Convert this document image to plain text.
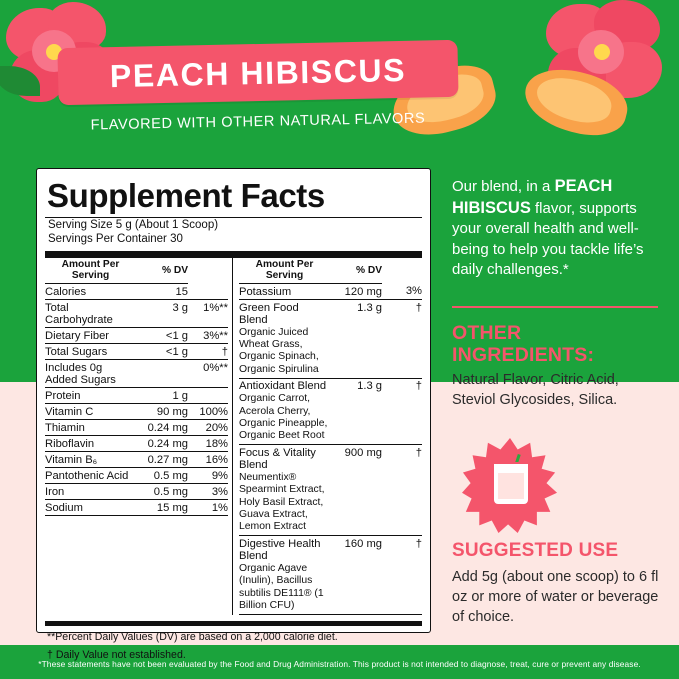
PEACH HIBISCUS
FLAVORED WITH OTHER NATURAL FLAVORS
Supplement Facts
Serving Size 5 g (About 1 Scoop)
Servings Per Container 30
Amount Per Serving	% DV	
Calories	15	
Total Carbohydrate	3 g	1%**
Dietary Fiber	<1 g	3%**
Total Sugars	<1 g	†
Includes 0g Added Sugars		0%**
Protein	1 g	
Vitamin C	90 mg	100%
Thiamin	0.24 mg	20%
Riboflavin	0.24 mg	18%
Vitamin B₆	0.27 mg	16%
Pantothenic Acid	0.5 mg	9%
Iron	0.5 mg	3%
Sodium	15 mg	1%
Amount Per Serving	% DV	
Potassium	120 mg	3%
Green Food Blend
Organic Juiced Wheat Grass, Organic Spinach, Organic Spirulina	1.3 g	†
Antioxidant Blend
Organic Carrot, Acerola Cherry, Organic Pineapple, Organic Beet Root	1.3 g	†
Focus & Vitality Blend
Neumentix® Spearmint Extract, Holy Basil Extract, Guava Extract, Lemon Extract	900 mg	†
Digestive Health Blend
Organic Agave (Inulin), Bacillus subtilis DE111® (1 Billion CFU)	160 mg	†
**Percent Daily Values (DV) are based on a 2,000 calorie diet.
† Daily Value not established.
Our blend, in a PEACH HIBISCUS flavor, supports your overall health and well-being to help you tackle life’s daily challenges.*
OTHER INGREDIENTS:
Natural Flavor, Citric Acid, Steviol Glycosides, Silica.
SUGGESTED USE
Add 5g (about one scoop) to 6 fl oz or more of water or beverage of choice.
*These statements have not been evaluated by the Food and Drug Administration. This product is not intended to diagnose, treat, cure or prevent any disease.
